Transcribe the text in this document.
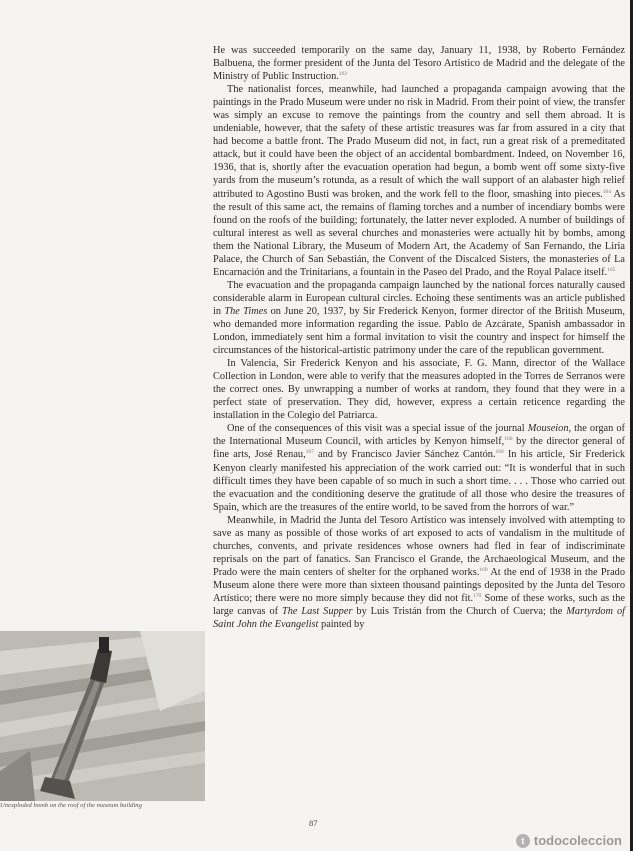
He was succeeded temporarily on the same day, January 11, 1938, by Roberto Fernández Balbuena, the former president of the Junta del Tesoro Artístico de Madrid and the delegate of the Ministry of Public Instruction.$^{163}$

The nationalist forces, meanwhile, had launched a propaganda campaign avowing that the paintings in the Prado Museum were under no risk in Madrid. From their point of view, the transfer was simply an excuse to remove the paintings from the country and sell them abroad. It is undeniable, however, that the safety of these artistic treasures was far from assured in a city that had become a battle front. The Prado Museum did not, in fact, run a great risk of a premeditated attack, but it could have been the object of an accidental bombardment. Indeed, on November 16, 1936, that is, shortly after the evacuation operation had begun, a bomb went off some sixty-five yards from the museum’s rotunda, as a result of which the wall support of an alabaster high relief attributed to Agostino Busti was broken, and the work fell to the floor, smashing into pieces.$^{164}$ As the result of this same act, the remains of flaming torches and a number of incendiary bombs were found on the roofs of the building; fortunately, the latter never exploded. A number of buildings of cultural interest as well as several churches and monasteries were actually hit by bombs, among them the National Library, the Museum of Modern Art, the Academy of San Fernando, the Liria Palace, the Church of San Sebastián, the Convent of the Discalced Sisters, the monasteries of La Encarnación and the Trinitarians, a fountain in the Paseo del Prado, and the Royal Palace itself.$^{165}$

The evacuation and the propaganda campaign launched by the national forces naturally caused considerable alarm in European cultural circles. Echoing these sentiments was an article published in The Times on June 20, 1937, by Sir Frederick Kenyon, former director of the British Museum, who demanded more information regarding the issue. Pablo de Azcárate, Spanish ambassador in London, immediately sent him a formal invitation to visit the country and inspect for himself the circumstances of the historical-artistic patrimony under the care of the republican government.

In Valencia, Sir Frederick Kenyon and his associate, F. G. Mann, director of the Wallace Collection in London, were able to verify that the measures adopted in the Torres de Serranos were the correct ones. By unwrapping a number of works at random, they found that they were in a perfect state of preservation. They did, however, express a certain reticence regarding the installation in the Colegio del Patriarca.

One of the consequences of this visit was a special issue of the journal Mouseion, the organ of the International Museum Council, with articles by Kenyon himself,$^{166}$ by the director general of fine arts, José Renau,$^{167}$ and by Francisco Javier Sánchez Cantón.$^{168}$ In his article, Sir Frederick Kenyon clearly manifested his appreciation of the work carried out: “It is wonderful that in such difficult times they have been capable of so much in such a short time. . . . Those who carried out the evacuation and the conditioning deserve the gratitude of all those who desire the treasures of Spain, which are the treasures of the entire world, to be saved from the horrors of war.”

Meanwhile, in Madrid the Junta del Tesoro Artístico was intensely involved with attempting to save as many as possible of those works of art exposed to acts of vandalism in the multitude of churches, convents, and private residences whose owners had fled in fear of indiscriminate reprisals on the part of fanatics. San Francisco el Grande, the Archaeological Museum, and the Prado were the main centers of shelter for the orphaned works.$^{169}$ At the end of 1938 in the Prado Museum alone there were more than sixteen thousand paintings deposited by the Junta del Tesoro Artístico; there were no more simply because they did not fit.$^{170}$ Some of these works, such as the large canvas of The Last Supper by Luis Tristán from the Church of Cuerva; the Martyrdom of Saint John the Evangelist painted by

Unexploded bomb on the roof of the museum building
87
t todocoleccion
